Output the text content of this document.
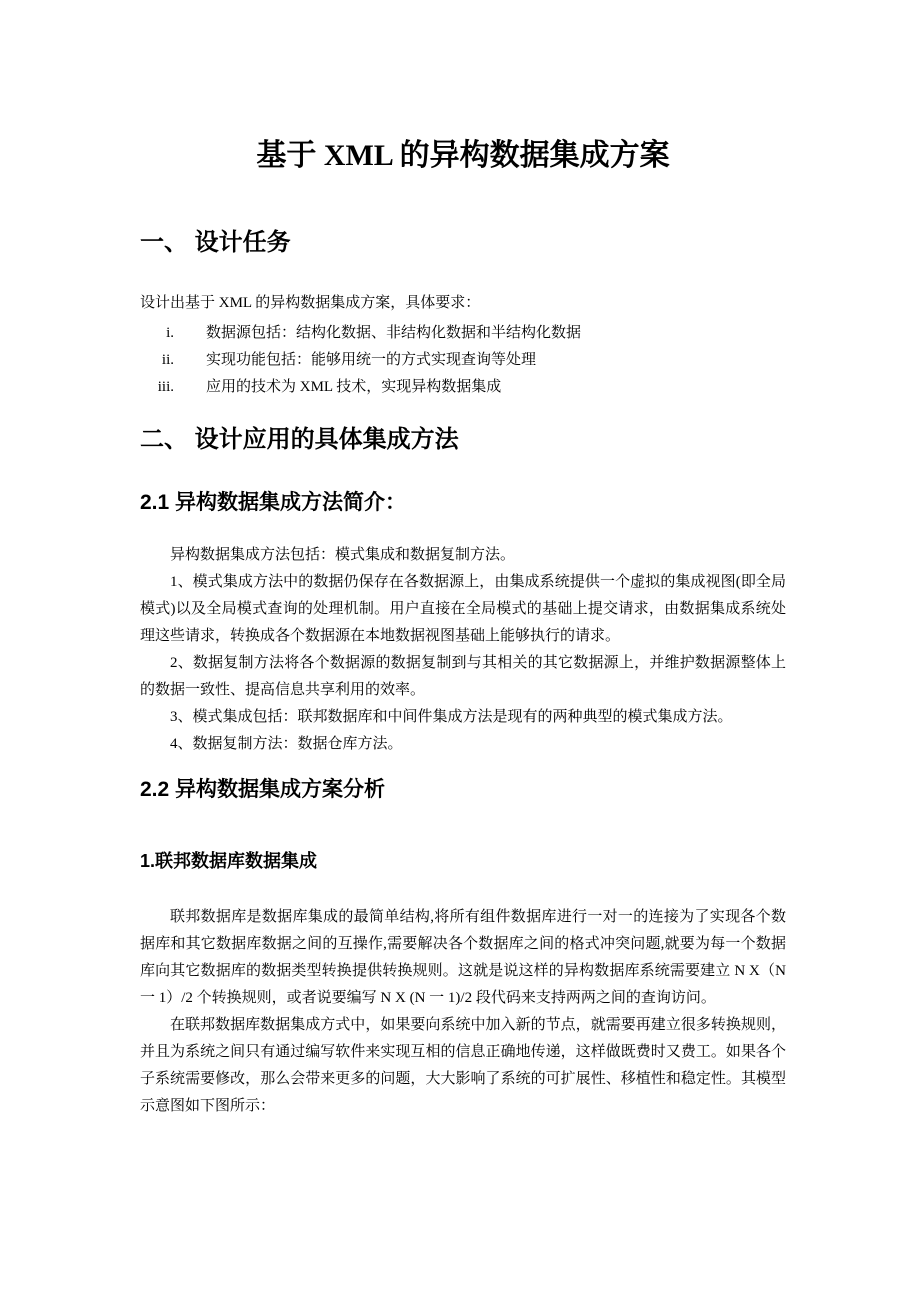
基于 XML 的异构数据集成方案
一、 设计任务

设计出基于 XML 的异构数据集成方案，具体要求：

i. 数据源包括：结构化数据、非结构化数据和半结构化数据
ii. 实现功能包括：能够用统一的方式实现查询等处理
iii. 应用的技术为 XML 技术，实现异构数据集成
二、 设计应用的具体集成方法
2.1 异构数据集成方法简介：

异构数据集成方法包括：模式集成和数据复制方法。

1、模式集成方法中的数据仍保存在各数据源上，由集成系统提供一个虚拟的集成视图(即全局模式)以及全局模式查询的处理机制。用户直接在全局模式的基础上提交请求，由数据集成系统处理这些请求，转换成各个数据源在本地数据视图基础上能够执行的请求。

2、数据复制方法将各个数据源的数据复制到与其相关的其它数据源上，并维护数据源整体上的数据一致性、提高信息共享利用的效率。

3、模式集成包括：联邦数据库和中间件集成方法是现有的两种典型的模式集成方法。

4、数据复制方法：数据仓库方法。

2.2 异构数据集成方案分析
1.联邦数据库数据集成

联邦数据库是数据库集成的最简单结构,将所有组件数据库进行一对一的连接为了实现各个数据库和其它数据库数据之间的互操作,需要解决各个数据库之间的格式冲突问题,就要为每一个数据库向其它数据库的数据类型转换提供转换规则。这就是说这样的异构数据库系统需要建立 N X（N 一 1）/2 个转换规则，或者说要编写 N X (N 一 1)/2 段代码来支持两两之间的查询访问。

在联邦数据库数据集成方式中，如果要向系统中加入新的节点，就需要再建立很多转换规则，并且为系统之间只有通过编写软件来实现互相的信息正确地传递，这样做既费时又费工。如果各个子系统需要修改，那么会带来更多的问题，大大影响了系统的可扩展性、移植性和稳定性。其模型示意图如下图所示：
